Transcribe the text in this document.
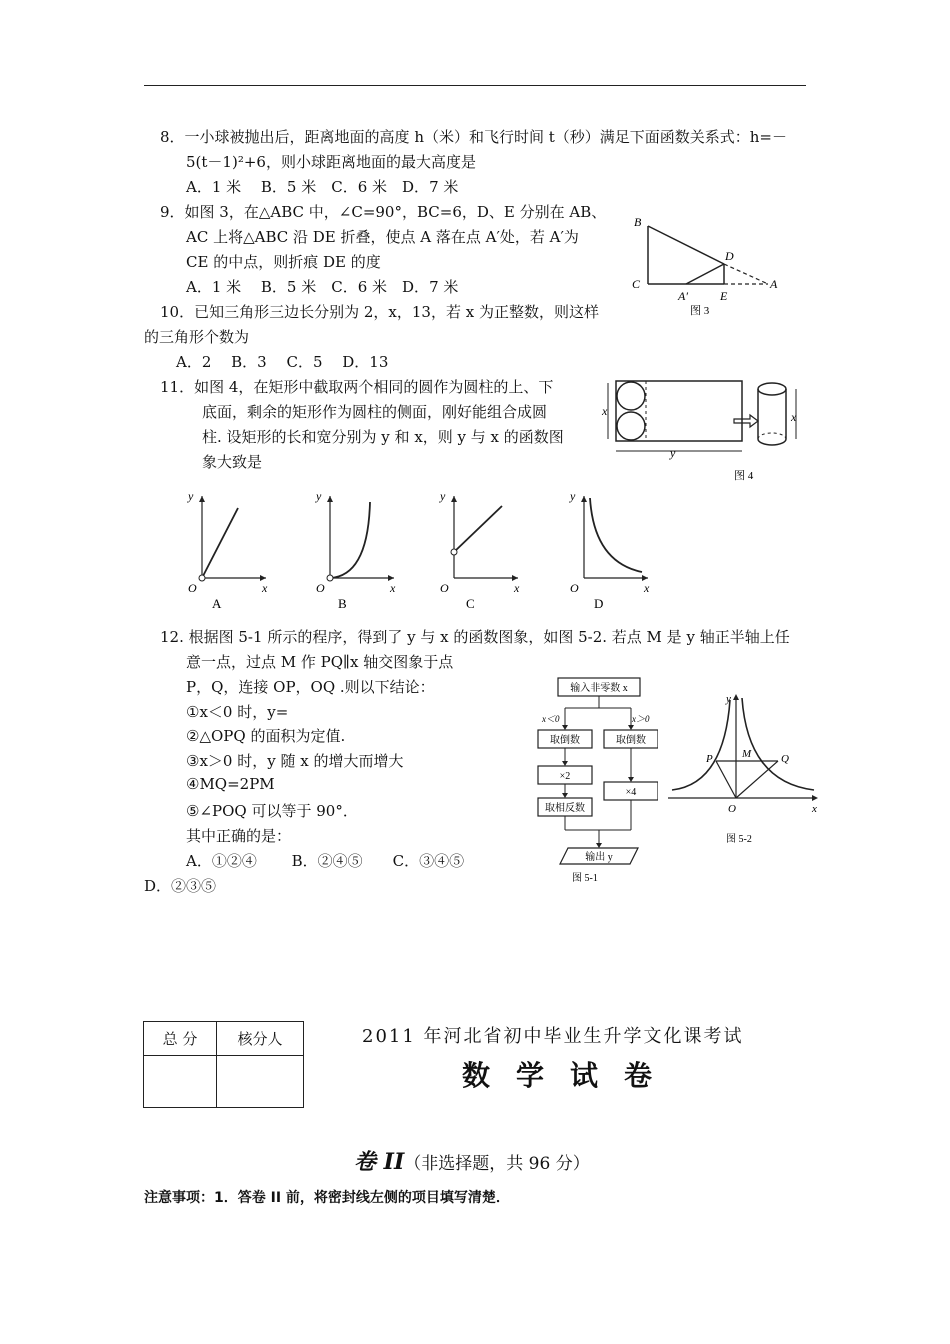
8．一小球被抛出后，距离地面的高度 h（米）和飞行时间 t（秒）满足下面函数关系式：h=－
5(t－1)²+6，则小球距离地面的最大高度是
A．1 米　 B．5 米　C．6 米　D．7 米
9．如图 3，在△ABC 中，∠C=90°，BC=6，D、E 分别在 AB、
AC 上将△ABC 沿 DE 折叠，使点 A 落在点 A′处，若 A′为
CE 的中点，则折痕 DE 的度
A．1 米　 B．5 米　C．6 米　D．7 米
B
C
D
A
A′	E
图 3
10．已知三角形三边长分别为 2，x，13，若 x 为正整数，则这样
的三角形个数为
A．2　 B．3　 C．5　 D．13
11．如图 4，在矩形中截取两个相同的圆作为圆柱的上、下
底面，剩余的矩形作为圆柱的侧面，刚好能组合成圆
柱. 设矩形的长和宽分别为 y 和 x，则 y 与 x 的函数图
象大致是
x
y
x
图 4
y
x
O
A
y
x
O
B
y
x
O
C
y
x
O
D
12. 根据图 5-1 所示的程序，得到了 y 与 x 的函数图象，如图 5-2. 若点 M 是 y 轴正半轴上任
意一点，过点 M 作 PQ∥x 轴交图象于点
P，Q，连接 OP，OQ .则以下结论：
①x＜0 时，y=
②△OPQ 的面积为定值.
③x＞0 时，y 随 x 的增大而增大
④MQ=2PM
⑤∠POQ 可以等于 90°．
其中正确的是：
A．①②④　　 B．②④⑤　　C．③④⑤
D．②③⑤
输入非零数 x
x＜0	x＞0
取倒数	取倒数
×2
×4
取相反数
输出 y
图 5-1
y
x
O
P	M	Q
图 5-2
总 分	核分人
		2011 年河北省初中毕业生升学文化课考试
数学试卷
卷 II（非选择题，共 96 分）
注意事项：1．答卷 II 前，将密封线左侧的项目填写清楚．
